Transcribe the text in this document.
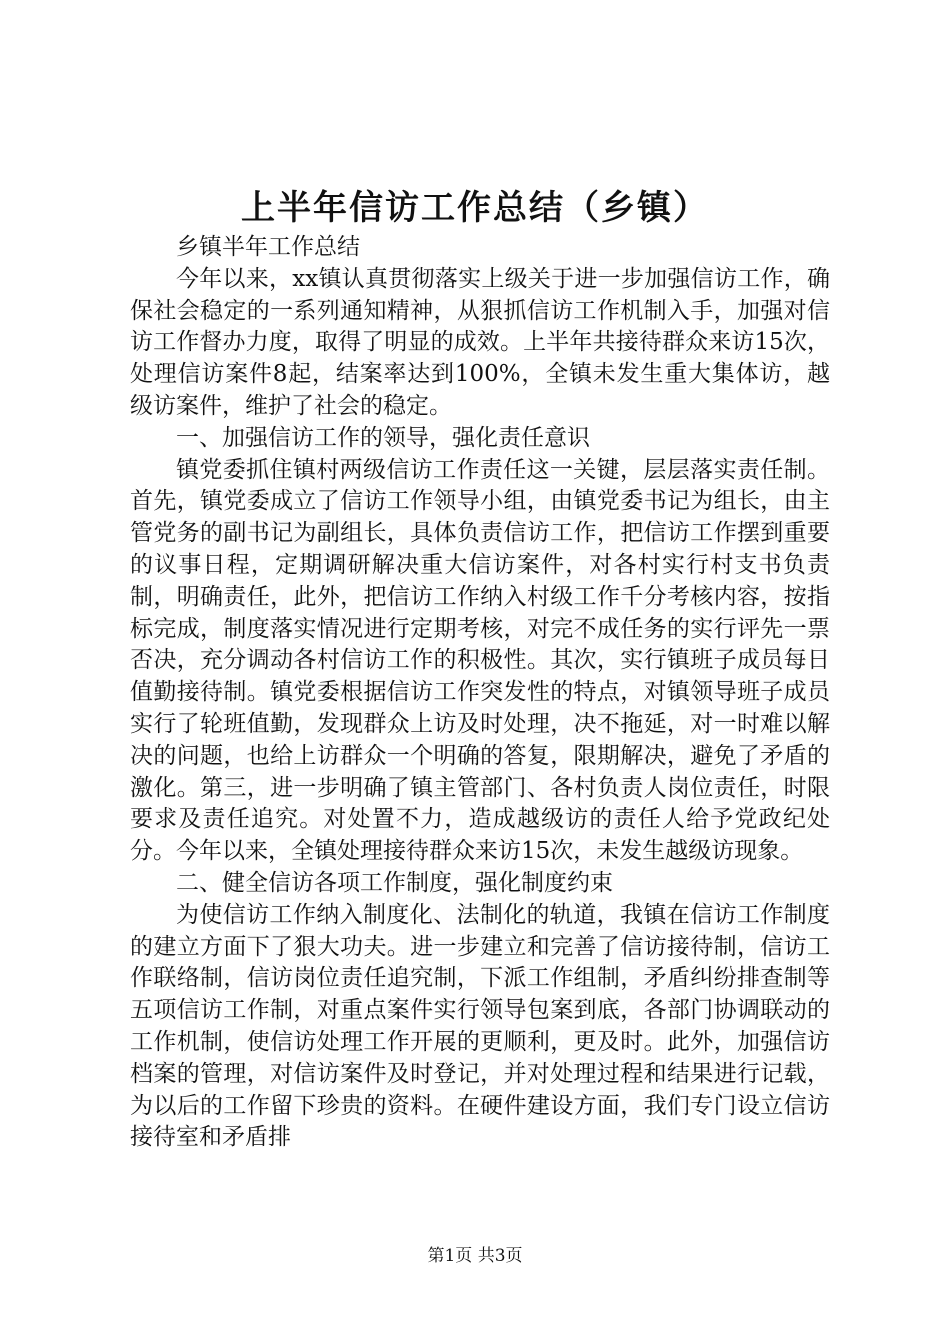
上半年信访工作总结（乡镇）

乡镇半年工作总结

今年以来，xx镇认真贯彻落实上级关于进一步加强信访工作，确保社会稳定的一系列通知精神，从狠抓信访工作机制入手，加强对信访工作督办力度，取得了明显的成效。上半年共接待群众来访15次，处理信访案件8起，结案率达到100%，全镇未发生重大集体访，越级访案件，维护了社会的稳定。

一、加强信访工作的领导，强化责任意识

镇党委抓住镇村两级信访工作责任这一关键，层层落实责任制。首先，镇党委成立了信访工作领导小组，由镇党委书记为组长，由主管党务的副书记为副组长，具体负责信访工作，把信访工作摆到重要的议事日程，定期调研解决重大信访案件，对各村实行村支书负责制，明确责任，此外，把信访工作纳入村级工作千分考核内容，按指标完成，制度落实情况进行定期考核，对完不成任务的实行评先一票否决，充分调动各村信访工作的积极性。其次，实行镇班子成员每日值勤接待制。镇党委根据信访工作突发性的特点，对镇领导班子成员实行了轮班值勤，发现群众上访及时处理，决不拖延，对一时难以解决的问题，也给上访群众一个明确的答复，限期解决，避免了矛盾的激化。第三，进一步明确了镇主管部门、各村负责人岗位责任，时限要求及责任追究。对处置不力，造成越级访的责任人给予党政纪处分。今年以来，全镇处理接待群众来访15次，未发生越级访现象。

二、健全信访各项工作制度，强化制度约束

为使信访工作纳入制度化、法制化的轨道，我镇在信访工作制度的建立方面下了狠大功夫。进一步建立和完善了信访接待制，信访工作联络制，信访岗位责任追究制，下派工作组制，矛盾纠纷排查制等五项信访工作制，对重点案件实行领导包案到底，各部门协调联动的工作机制，使信访处理工作开展的更顺利，更及时。此外，加强信访档案的管理，对信访案件及时登记，并对处理过程和结果进行记载，为以后的工作留下珍贵的资料。在硬件建设方面，我们专门设立信访接待室和矛盾排

第1页 共3页
